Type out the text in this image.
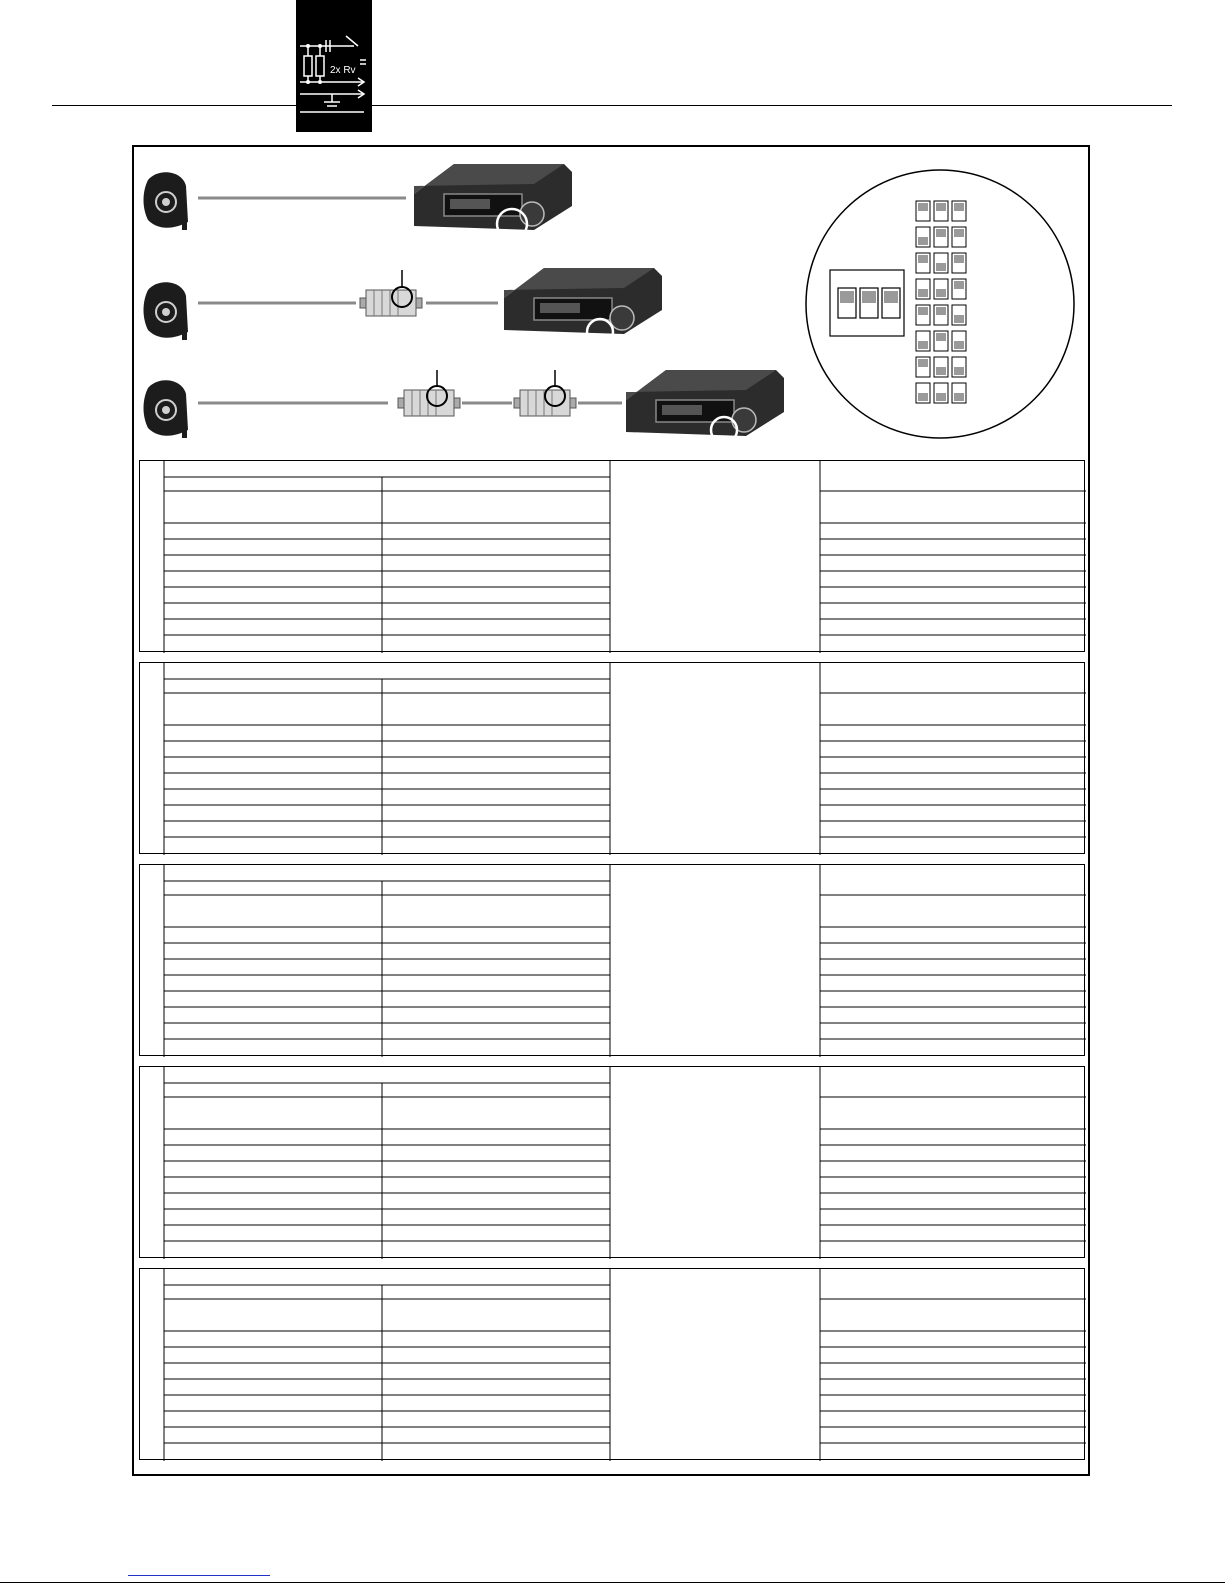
2x Rv
